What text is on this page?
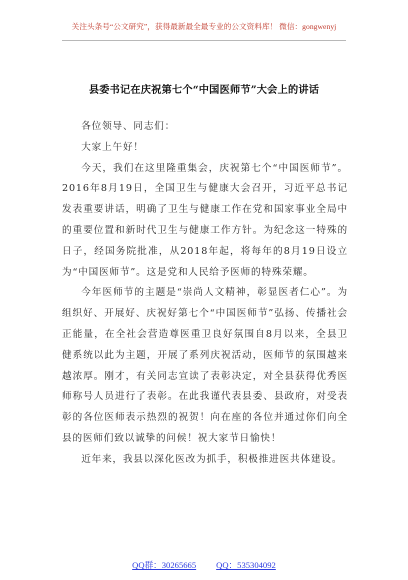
关注头条号“公文研究”，获得最新最全最专业的公文资料库！ 微信：gongwenyj
县委书记在庆祝第七个“中国医师节”大会上的讲话

各位领导、同志们：

大家上午好！

今天，我们在这里隆重集会，庆祝第七个“中国医师节”。2016年8月19日，全国卫生与健康大会召开，习近平总书记发表重要讲话，明确了卫生与健康工作在党和国家事业全局中的重要位置和新时代卫生与健康工作方针。为纪念这一特殊的日子，经国务院批准，从2018年起，将每年的8月19日设立为“中国医师节”。这是党和人民给予医师的特殊荣耀。

今年医师节的主题是“崇尚人文精神，彰显医者仁心”。为组织好、开展好、庆祝好第七个“中国医师节”弘扬、传播社会正能量，在全社会营造尊医重卫良好氛围自8月以来，全县卫健系统以此为主题，开展了系列庆祝活动，医师节的氛围越来越浓厚。刚才，有关同志宣读了表彰决定，对全县获得优秀医师称号人员进行了表彰。在此我谨代表县委、县政府，对受表彰的各位医师表示热烈的祝贺！向在座的各位并通过你们向全县的医师们致以诚挚的问候！祝大家节日愉快！

近年来，我县以深化医改为抓手，积极推进医共体建设。

QQ群：30265665 QQ：535304092
